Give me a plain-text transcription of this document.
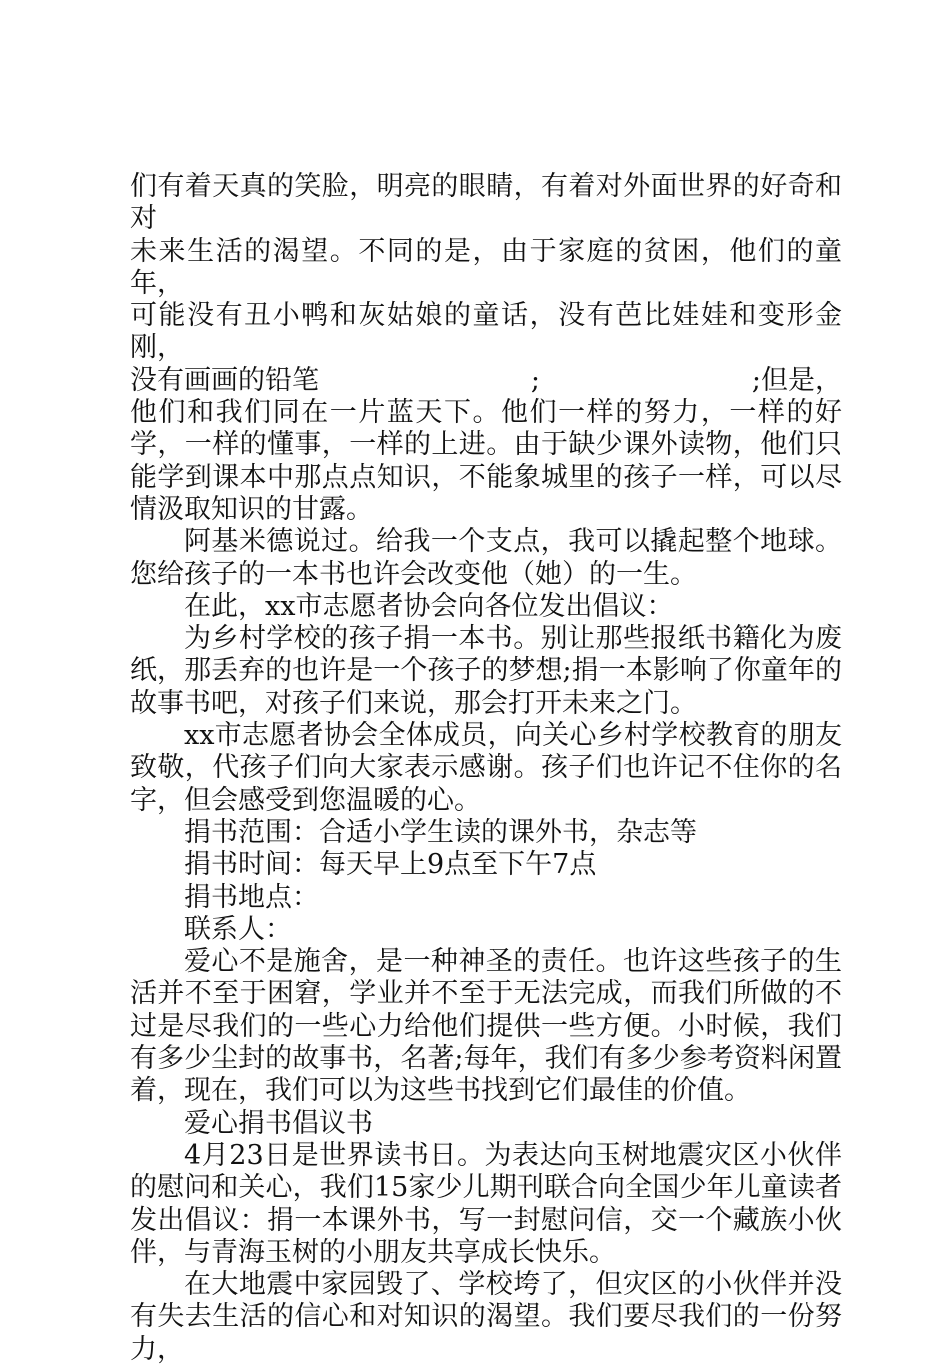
们有着天真的笑脸，明亮的眼睛，有着对外面世界的好奇和对

未来生活的渴望。不同的是，由于家庭的贫困，他们的童年，

可能没有丑小鸭和灰姑娘的童话，没有芭比娃娃和变形金刚，

没有画画的铅笔	;	;但是，

他们和我们同在一片蓝天下。他们一样的努力，一样的好学，一样的懂事，一样的上进。由于缺少课外读物，他们只能学到课本中那点点知识，不能象城里的孩子一样，可以尽情汲取知识的甘露。

阿基米德说过。给我一个支点，我可以撬起整个地球。您给孩子的一本书也许会改变他（她）的一生。

在此，xx市志愿者协会向各位发出倡议：

为乡村学校的孩子捐一本书。别让那些报纸书籍化为废纸，那丢弃的也许是一个孩子的梦想;捐一本影响了你童年的故事书吧，对孩子们来说，那会打开未来之门。

xx市志愿者协会全体成员，向关心乡村学校教育的朋友致敬，代孩子们向大家表示感谢。孩子们也许记不住你的名字，但会感受到您温暖的心。

捐书范围：合适小学生读的课外书，杂志等

捐书时间：每天早上9点至下午7点

捐书地点：

联系人：

爱心不是施舍，是一种神圣的责任。也许这些孩子的生活并不至于困窘，学业并不至于无法完成，而我们所做的不过是尽我们的一些心力给他们提供一些方便。小时候，我们有多少尘封的故事书，名著;每年，我们有多少参考资料闲置着，现在，我们可以为这些书找到它们最佳的价值。

爱心捐书倡议书

4月23日是世界读书日。为表达向玉树地震灾区小伙伴的慰问和关心，我们15家少儿期刊联合向全国少年儿童读者发出倡议：捐一本课外书，写一封慰问信，交一个藏族小伙伴，与青海玉树的小朋友共享成长快乐。

在大地震中家园毁了、学校垮了，但灾区的小伙伴并没有失去生活的信心和对知识的渴望。我们要尽我们的一份努力，
